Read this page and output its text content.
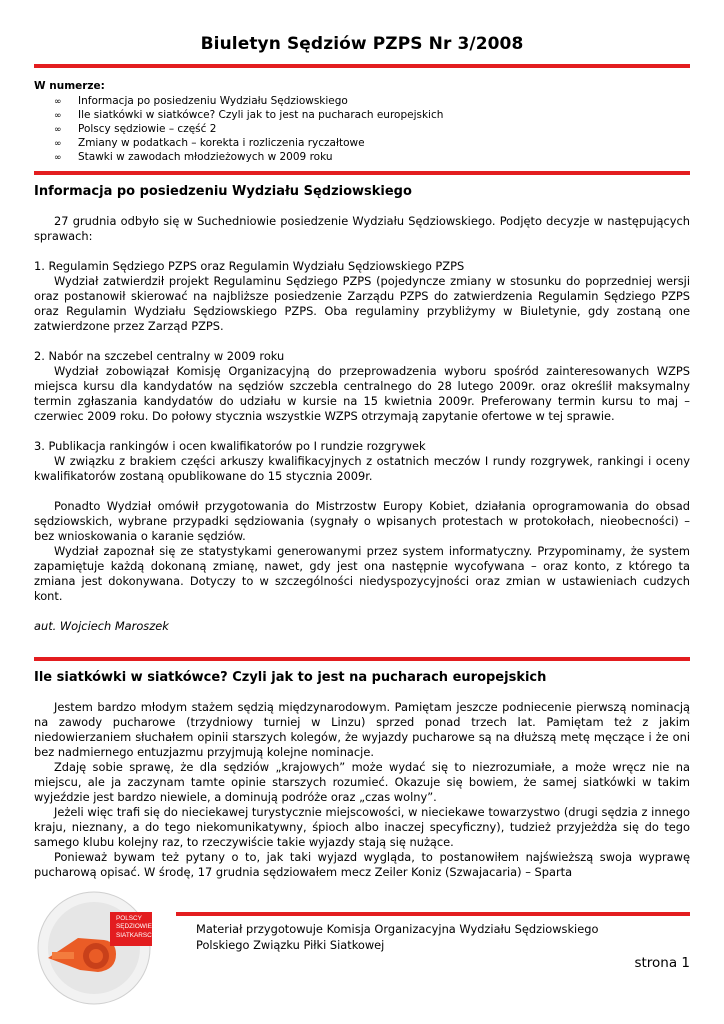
Biuletyn Sędziów PZPS Nr 3/2008
W numerze:
∞ Informacja po posiedzeniu Wydziału Sędziowskiego
∞ Ile siatkówki w siatkówce? Czyli jak to jest na pucharach europejskich
∞ Polscy sędziowie – część 2
∞ Zmiany w podatkach – korekta i rozliczenia ryczałtowe
∞ Stawki w zawodach młodzieżowych w 2009 roku
Informacja po posiedzeniu Wydziału Sędziowskiego

27 grudnia odbyło się w Suchedniowie posiedzenie Wydziału Sędziowskiego. Podjęto decyzje w następujących sprawach:

1. Regulamin Sędziego PZPS oraz Regulamin Wydziału Sędziowskiego PZPS

Wydział zatwierdził projekt Regulaminu Sędziego PZPS (pojedyncze zmiany w stosunku do poprzedniej wersji oraz postanowił skierować na najbliższe posiedzenie Zarządu PZPS do zatwierdzenia Regulamin Sędziego PZPS oraz Regulamin Wydziału Sędziowskiego PZPS. Oba regulaminy przybliżymy w Biuletynie, gdy zostaną one zatwierdzone przez Zarząd PZPS.

2. Nabór na szczebel centralny w 2009 roku

Wydział zobowiązał Komisję Organizacyjną do przeprowadzenia wyboru spośród zainteresowanych WZPS miejsca kursu dla kandydatów na sędziów szczebla centralnego do 28 lutego 2009r. oraz określił maksymalny termin zgłaszania kandydatów do udziału w kursie na 15 kwietnia 2009r. Preferowany termin kursu to maj – czerwiec 2009 roku. Do połowy stycznia wszystkie WZPS otrzymają zapytanie ofertowe w tej sprawie.

3. Publikacja rankingów i ocen kwalifikatorów po I rundzie rozgrywek

W związku z brakiem części arkuszy kwalifikacyjnych z ostatnich meczów I rundy rozgrywek, rankingi i oceny kwalifikatorów zostaną opublikowane do 15 stycznia 2009r.

Ponadto Wydział omówił przygotowania do Mistrzostw Europy Kobiet, działania oprogramowania do obsad sędziowskich, wybrane przypadki sędziowania (sygnały o wpisanych protestach w protokołach, nieobecności) – bez wnioskowania o karanie sędziów.

Wydział zapoznał się ze statystykami generowanymi przez system informatyczny. Przypominamy, że system zapamiętuje każdą dokonaną zmianę, nawet, gdy jest ona następnie wycofywana – oraz konto, z którego ta zmiana jest dokonywana. Dotyczy to w szczególności niedyspozycyjności oraz zmian w ustawieniach cudzych kont.

aut. Wojciech Maroszek

Ile siatkówki w siatkówce? Czyli jak to jest na pucharach europejskich

Jestem bardzo młodym stażem sędzią międzynarodowym. Pamiętam jeszcze podniecenie pierwszą nominacją na zawody pucharowe (trzydniowy turniej w Linzu) sprzed ponad trzech lat. Pamiętam też z jakim niedowierzaniem słuchałem opinii starszych kolegów, że wyjazdy pucharowe są na dłuższą metę męczące i że oni bez nadmiernego entuzjazmu przyjmują kolejne nominacje.

Zdaję sobie sprawę, że dla sędziów „krajowych” może wydać się to niezrozumiałe, a może wręcz nie na miejscu, ale ja zaczynam tamte opinie starszych rozumieć. Okazuje się bowiem, że samej siatkówki w takim wyjeździe jest bardzo niewiele, a dominują podróże oraz „czas wolny”.

Jeżeli więc trafi się do nieciekawej turystycznie miejscowości, w nieciekawe towarzystwo (drugi sędzia z innego kraju, nieznany, a do tego niekomunikatywny, śpioch albo inaczej specyficzny), tudzież przyjeżdża się do tego samego klubu kolejny raz, to rzeczywiście takie wyjazdy stają się nużące.

Ponieważ bywam też pytany o to, jak taki wyjazd wygląda, to postanowiłem najświeższą swoja wyprawę pucharową opisać. W środę, 17 grudnia sędziowałem mecz Zeiler Koniz (Szwajacaria) – Sparta

POLSCY
SĘDZIOWIE
SIATKARSCY	Materiał przygotowuje Komisja Organizacyjna Wydziału Sędziowskiego
Polskiego Związku Piłki Siatkowej
strona 1
